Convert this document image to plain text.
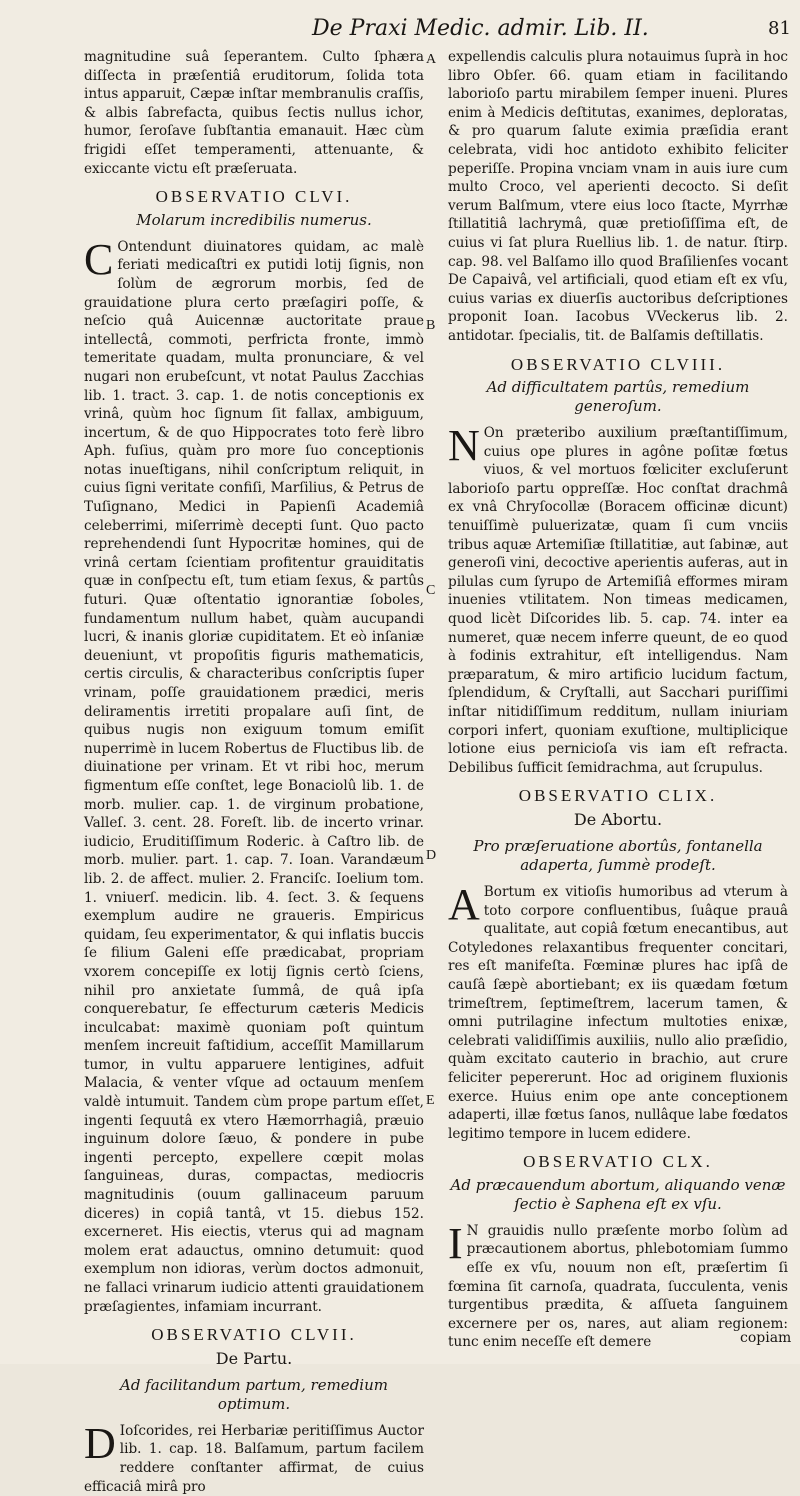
De Praxi Medic. admir. Lib. II.	81
A
B
C
D
E

magnitudine suâ ſeperantem. Culto ſphæra diſſecta in præſentiâ eruditorum, ſolida tota intus apparuit, Cæpæ inſtar membranulis craſſis, & albis ſabrefacta, quibus ſectis nullus ichor, humor, ſeroſave ſubſtantia emanauit. Hæc cùm frigidi eſſet temperamenti, attenuante, & exiccante victu eſt præſeruata.

OBSERVATIO CLVI.
Molarum incredibilis numerus.

C Ontendunt diuinatores quidam, ac malè feriati medicaſtri ex putidi lotij ſignis, non ſolùm de ægrorum morbis, ſed de grauidatione plura certo præſagiri poſſe, & neſcio quâ Auicennæ auctoritate praue intellectâ, commoti, perfricta fronte, immò temeritate quadam, multa pronunciare, & vel nugari non erubeſcunt, vt notat Paulus Zacchias lib. 1. tract. 3. cap. 1. de notis conceptionis ex vrinâ, quùm hoc ſignum ſit fallax, ambiguum, incertum, & de quo Hippocrates toto ferè libro Aph. fuſius, quàm pro more ſuo conceptionis notas inueſtigans, nihil conſcriptum reliquit, in cuius ſigni veritate confiſi, Marſilius, & Petrus de Tuſignano, Medici in Papienſi Academiâ celeberrimi, miſerrimè decepti ſunt. Quo pacto reprehendendi ſunt Hypocritæ homines, qui de vrinâ certam ſcientiam profitentur grauiditatis quæ in conſpectu eſt, tum etiam ſexus, & partûs futuri. Quæ oſtentatio ignorantiæ ſoboles, fundamentum nullum habet, quàm aucupandi lucri, & inanis gloriæ cupiditatem. Et eò inſaniæ deueniunt, vt propoſitis figuris mathematicis, certis circulis, & characteribus conſcriptis ſuper vrinam, poſſe grauidationem prædici, meris deliramentis irretiti propalare auſi ſint, de quibus nugis non exiguum tomum emiſit nuperrimè in lucem Robertus de Fluctibus lib. de diuinatione per vrinam. Et vt ribi hoc, merum figmentum eſſe conſtet, lege Bonaciolû lib. 1. de morb. mulier. cap. 1. de virginum probatione, Valleſ. 3. cent. 28. Foreſt. lib. de incerto vrinar. iudicio, Eruditiſſimum Roderic. à Caſtro lib. de morb. mulier. part. 1. cap. 7. Ioan. Varandæum lib. 2. de affect. mulier. 2. Franciſc. Ioelium tom. 1. vniuerſ. medicin. lib. 4. ſect. 3. & ſequens exemplum audire ne graueris. Empiricus quidam, ſeu experimentator, & qui inflatis buccis ſe filium Galeni eſſe prædicabat, propriam vxorem concepiſſe ex lotij ſignis certò ſciens, nihil pro anxietate ſummâ, de quâ ipſa conquerebatur, ſe effecturum cæteris Medicis inculcabat: maximè quoniam poſt quintum menſem increuit faſtidium, acceſſit Mamillarum tumor, in vultu apparuere lentigines, adfuit Malacia, & venter vſque ad octauum menſem valdè intumuit. Tandem cùm prope partum eſſet, ingenti ſequutâ ex vtero Hæmorrhagiâ, præuio inguinum dolore ſæuo, & pondere in pube ingenti percepto, expellere cœpit molas ſanguineas, duras, compactas, mediocris magnitudinis (ouum gallinaceum paruum diceres) in copiâ tantâ, vt 15. diebus 152. excerneret. His eiectis, vterus qui ad magnam molem erat adauctus, omnino detumuit: quod exemplum non idioras, verùm doctos admonuit, ne fallaci vrinarum iudicio attenti grauidationem præſagientes, infamiam incurrant.

OBSERVATIO CLVII.
De Partu.
Ad facilitandum partum, remedium optimum.

D Ioſcorides, rei Herbariæ peritiſſimus Auctor lib. 1. cap. 18. Balſamum, partum facilem reddere conſtanter affirmat, de cuius efficaciâ mirâ pro

expellendis calculis plura notauimus ſuprà in hoc libro Obſer. 66. quam etiam in facilitando laborioſo partu mirabilem ſemper inueni. Plures enim à Medicis deſtitutas, exanimes, deploratas, & pro quarum ſalute eximia præſidia erant celebrata, vidi hoc antidoto exhibito feliciter peperiſſe. Propina vnciam vnam in auis iure cum multo Croco, vel aperienti decocto. Si deſit verum Balſmum, vtere eius loco ſtacte, Myrrhæ ſtillatitiâ lachrymâ, quæ pretioſiſſima eſt, de cuius vi ſat plura Ruellius lib. 1. de natur. ſtirp. cap. 98. vel Balſamo illo quod Braſilienſes vocant De Capaivâ, vel artificiali, quod etiam eſt ex vſu, cuius varias ex diuerſis auctoribus deſcriptiones proponit Ioan. Iacobus VVeckerus lib. 2. antidotar. ſpecialis, tit. de Balſamis deſtillatis.

OBSERVATIO CLVIII.
Ad difficultatem partûs, remedium generoſum.

N On præteribo auxilium præſtantiſſimum, cuius ope plures in agône poſitæ fœtus viuos, & vel mortuos fœliciter excluſerunt laborioſo partu oppreſſæ. Hoc conſtat drachmâ ex vnâ Chryſocollæ (Boracem officinæ dicunt) tenuiſſimè puluerizatæ, quam ſi cum vnciis tribus aquæ Artemiſiæ ſtillatitiæ, aut ſabinæ, aut generoſi vini, decoctive aperientis auferas, aut in pilulas cum ſyrupo de Artemiſiâ efformes miram inuenies vtilitatem. Non timeas medicamen, quod licèt Diſcorides lib. 5. cap. 74. inter ea numeret, quæ necem inferre queunt, de eo quod à fodinis extrahitur, eſt intelligendus. Nam præparatum, & miro artificio lucidum factum, ſplendidum, & Cryſtalli, aut Sacchari puriſſimi inſtar nitidiſſimum redditum, nullam iniuriam corpori infert, quoniam exuſtione, multiplicique lotione eius pernicioſa vis iam eſt refracta. Debilibus ſufficit ſemidrachma, aut ſcrupulus.

OBSERVATIO CLIX.
De Abortu.
Pro præſeruatione abortûs, fontanella adaperta, ſummè prodeſt.

A Bortum ex vitioſis humoribus ad vterum à toto corpore confluentibus, ſuâque prauâ qualitate, aut copiâ fœtum enecantibus, aut Cotyledones relaxantibus frequenter concitari, res eſt manifeſta. Fœminæ plures hac ipſâ de cauſâ ſæpè abortiebant; ex iis quædam fœtum trimeſtrem, ſeptimeſtrem, lacerum tamen, & omni putrilagine infectum multoties enixæ, celebrati validiſſimis auxiliis, nullo alio præſidio, quàm excitato cauterio in brachio, aut crure feliciter pepererunt. Hoc ad originem fluxionis exerce. Huius enim ope ante conceptionem adaperti, illæ fœtus ſanos, nullâque labe fœdatos legitimo tempore in lucem edidere.

OBSERVATIO CLX.
Ad præcauendum abortum, aliquando venæ ſectio è Saphena eſt ex vſu.

I N grauidis nullo præſente morbo ſolùm ad præcautionem abortus, phlebotomiam ſummo eſſe ex vſu, nouum non eſt, præſertim ſi fœmina ſit carnoſa, quadrata, ſucculenta, venis turgentibus prædita, & aſſueta ſanguinem excernere per os, nares, aut aliam regionem: tunc enim neceſſe eſt demere	copiam
